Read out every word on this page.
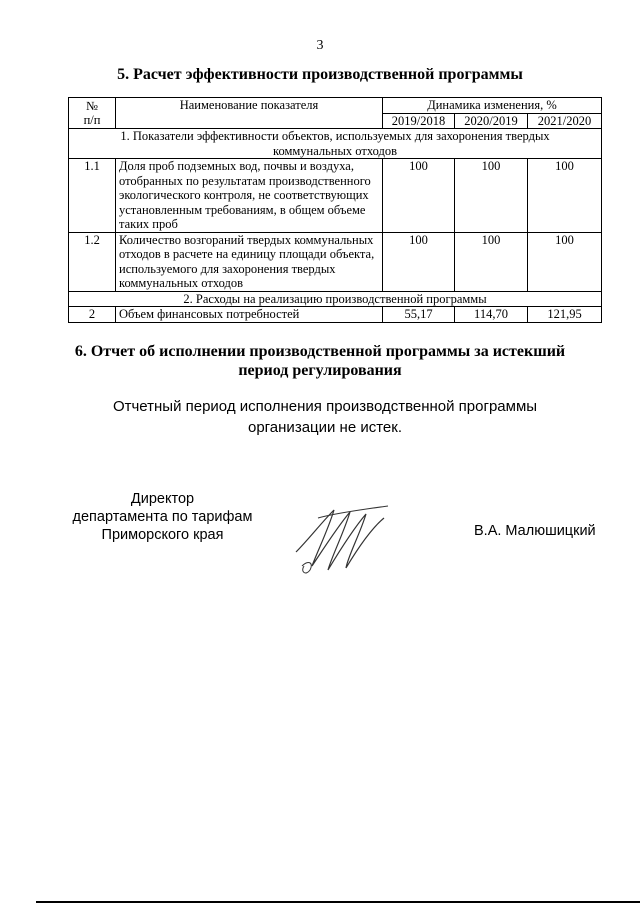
3
5. Расчет эффективности производственной программы
№
п/п	Наименование показателя	Динамика изменения, %		
		2019/2018	2020/2019	2021/2020
1. Показатели эффективности объектов, используемых для захоронения твердых коммунальных отходов				
1.1	Доля проб подземных вод, почвы и воздуха, отобранных по результатам производственного экологического контроля, не соответствующих установленным требованиям, в общем объеме таких проб	100	100	100
1.2	Количество возгораний твердых коммунальных отходов в расчете на единицу площади объекта, используемого для захоронения твердых коммунальных отходов	100	100	100
2. Расходы на реализацию производственной программы				
2	Объем финансовых потребностей	55,17	114,70	121,95
6. Отчет об исполнении производственной программы за истекший период регулирования
Отчетный период исполнения производственной программы организации не истек.
Директор
департамента по тарифам
Приморского края	В.А. Малюшицкий
